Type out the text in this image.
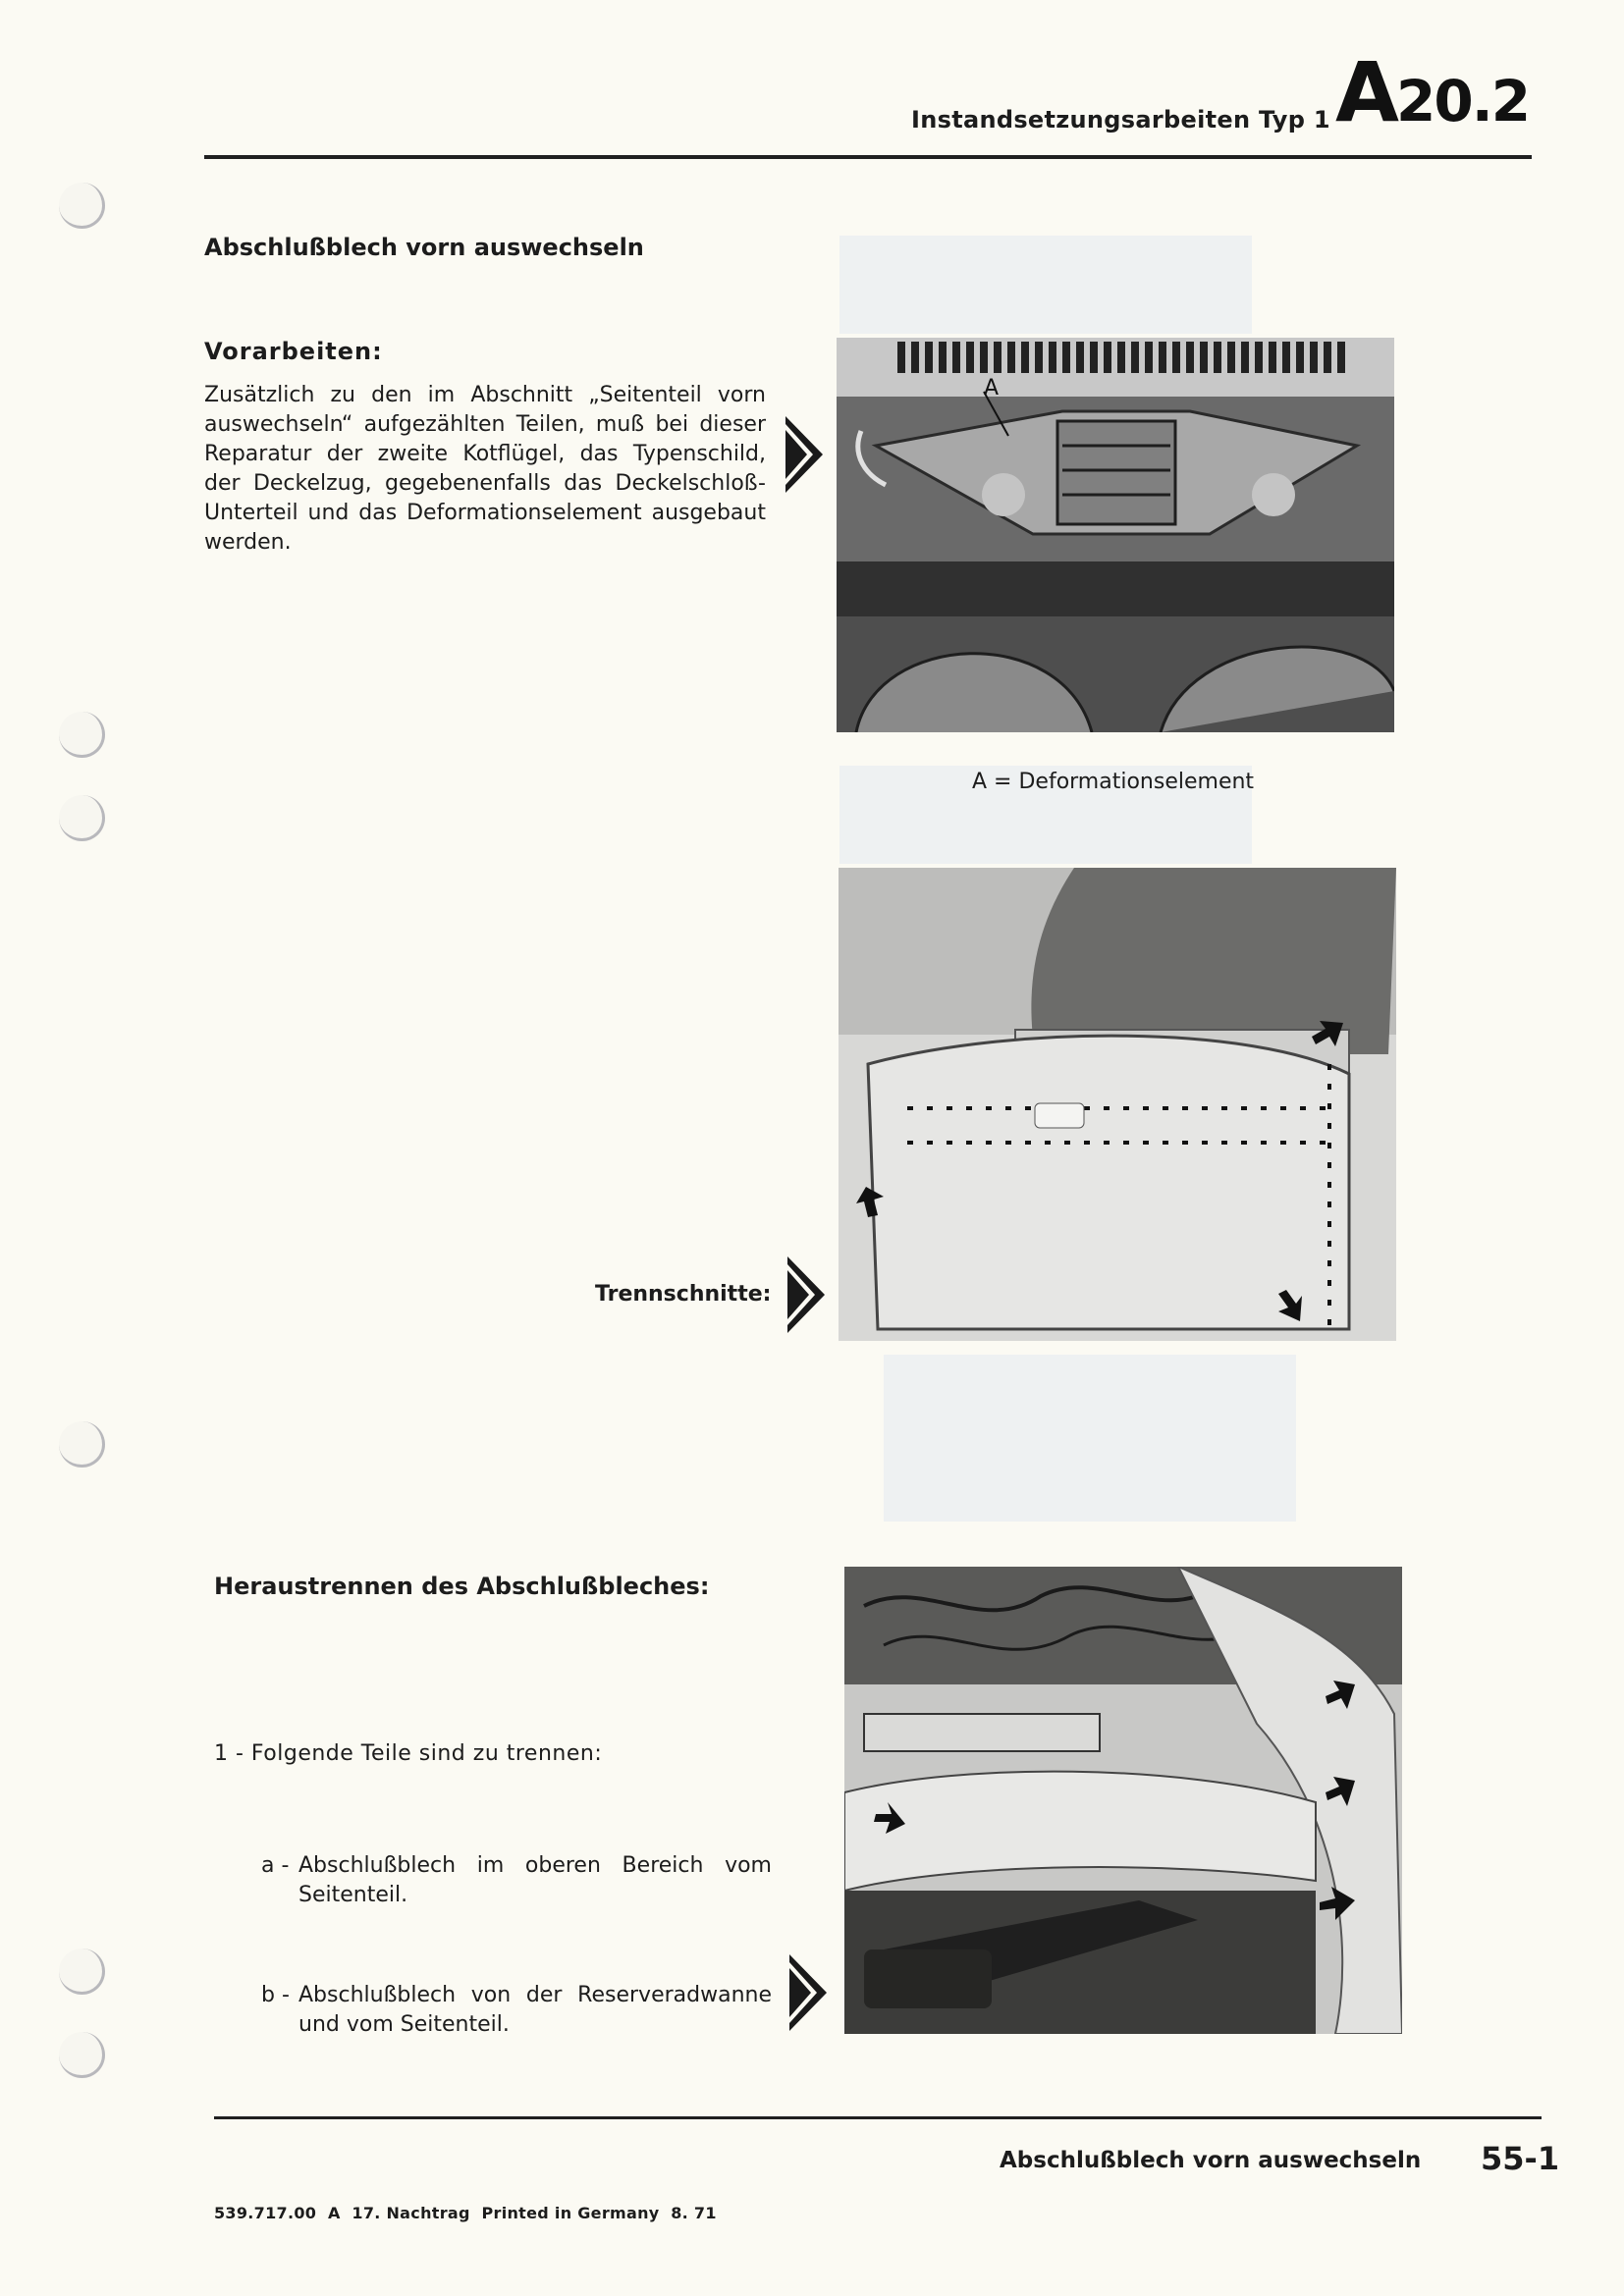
Instandsetzungsarbeiten Typ 1 A20.2
Abschlußblech vorn auswechseln
Vorarbeiten:
Zusätzlich zu den im Abschnitt „Seitenteil vorn auswechseln“ aufgezählten Teilen, muß bei dieser Reparatur der zweite Kotflügel, das Typenschild, der Deckelzug, gegebenenfalls das Deckelschloß-Unterteil und das Deformationselement ausgebaut werden.
A
A = Deformationselement
Trennschnitte:
Heraustrennen des Abschlußbleches:
1 - Folgende Teile sind zu trennen:
a - Abschlußblech im oberen Bereich vom Seitenteil.
b - Abschlußblech von der Reserveradwanne und vom Seitenteil.
Abschlußblech vorn auswechseln 55-1
539.717.00  A  17. Nachtrag  Printed in Germany  8. 71
